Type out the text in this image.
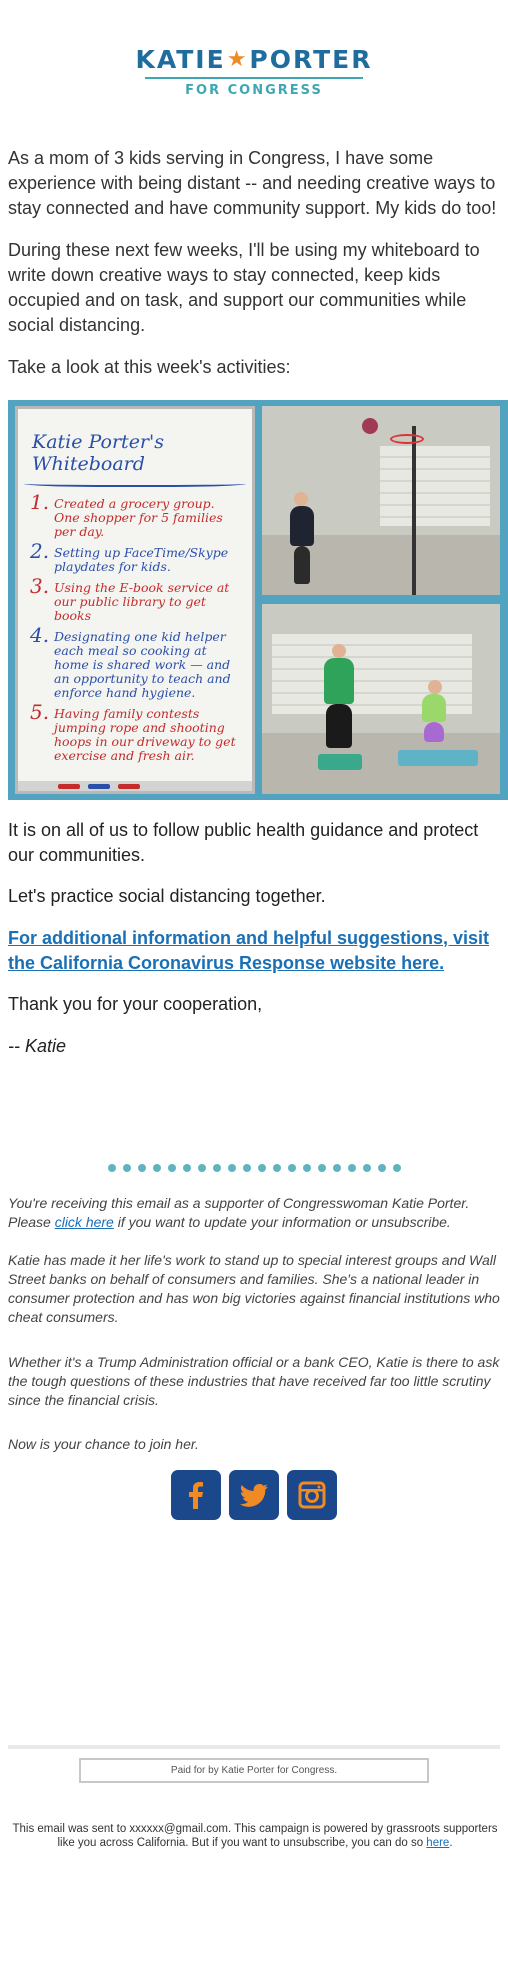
KATIE★PORTER
FOR CONGRESS

As a mom of 3 kids serving in Congress, I have some experience with being distant -- and needing creative ways to stay connected and have community support. My kids do too!

During these next few weeks, I'll be using my whiteboard to write down creative ways to stay connected, keep kids occupied and on task, and support our communities while social distancing.

Take a look at this week's activities:

Katie Porter's Whiteboard
1. Created a grocery group. One shopper for 5 families per day.
2. Setting up FaceTime/Skype playdates for kids.
3. Using the E-book service at our public library to get books
4. Designating one kid helper each meal so cooking at home is shared work — and an opportunity to teach and enforce hand hygiene.
5. Having family contests jumping rope and shooting hoops in our driveway to get exercise and fresh air.

It is on all of us to follow public health guidance and protect our communities.

Let's practice social distancing together.

For additional information and helpful suggestions, visit the California Coronavirus Response website here.

Thank you for your cooperation,

-- Katie

You're receiving this email as a supporter of Congresswoman Katie Porter. Please click here if you want to update your information or unsubscribe.

Katie has made it her life's work to stand up to special interest groups and Wall Street banks on behalf of consumers and families. She's a national leader in consumer protection and has won big victories against financial institutions who cheat consumers.

Whether it's a Trump Administration official or a bank CEO, Katie is there to ask the tough questions of these industries that have received far too little scrutiny since the financial crisis.

Now is your chance to join her.

Paid for by Katie Porter for Congress.

This email was sent to xxxxxx@gmail.com. This campaign is powered by grassroots supporters like you across California. But if you want to unsubscribe, you can do so here.
